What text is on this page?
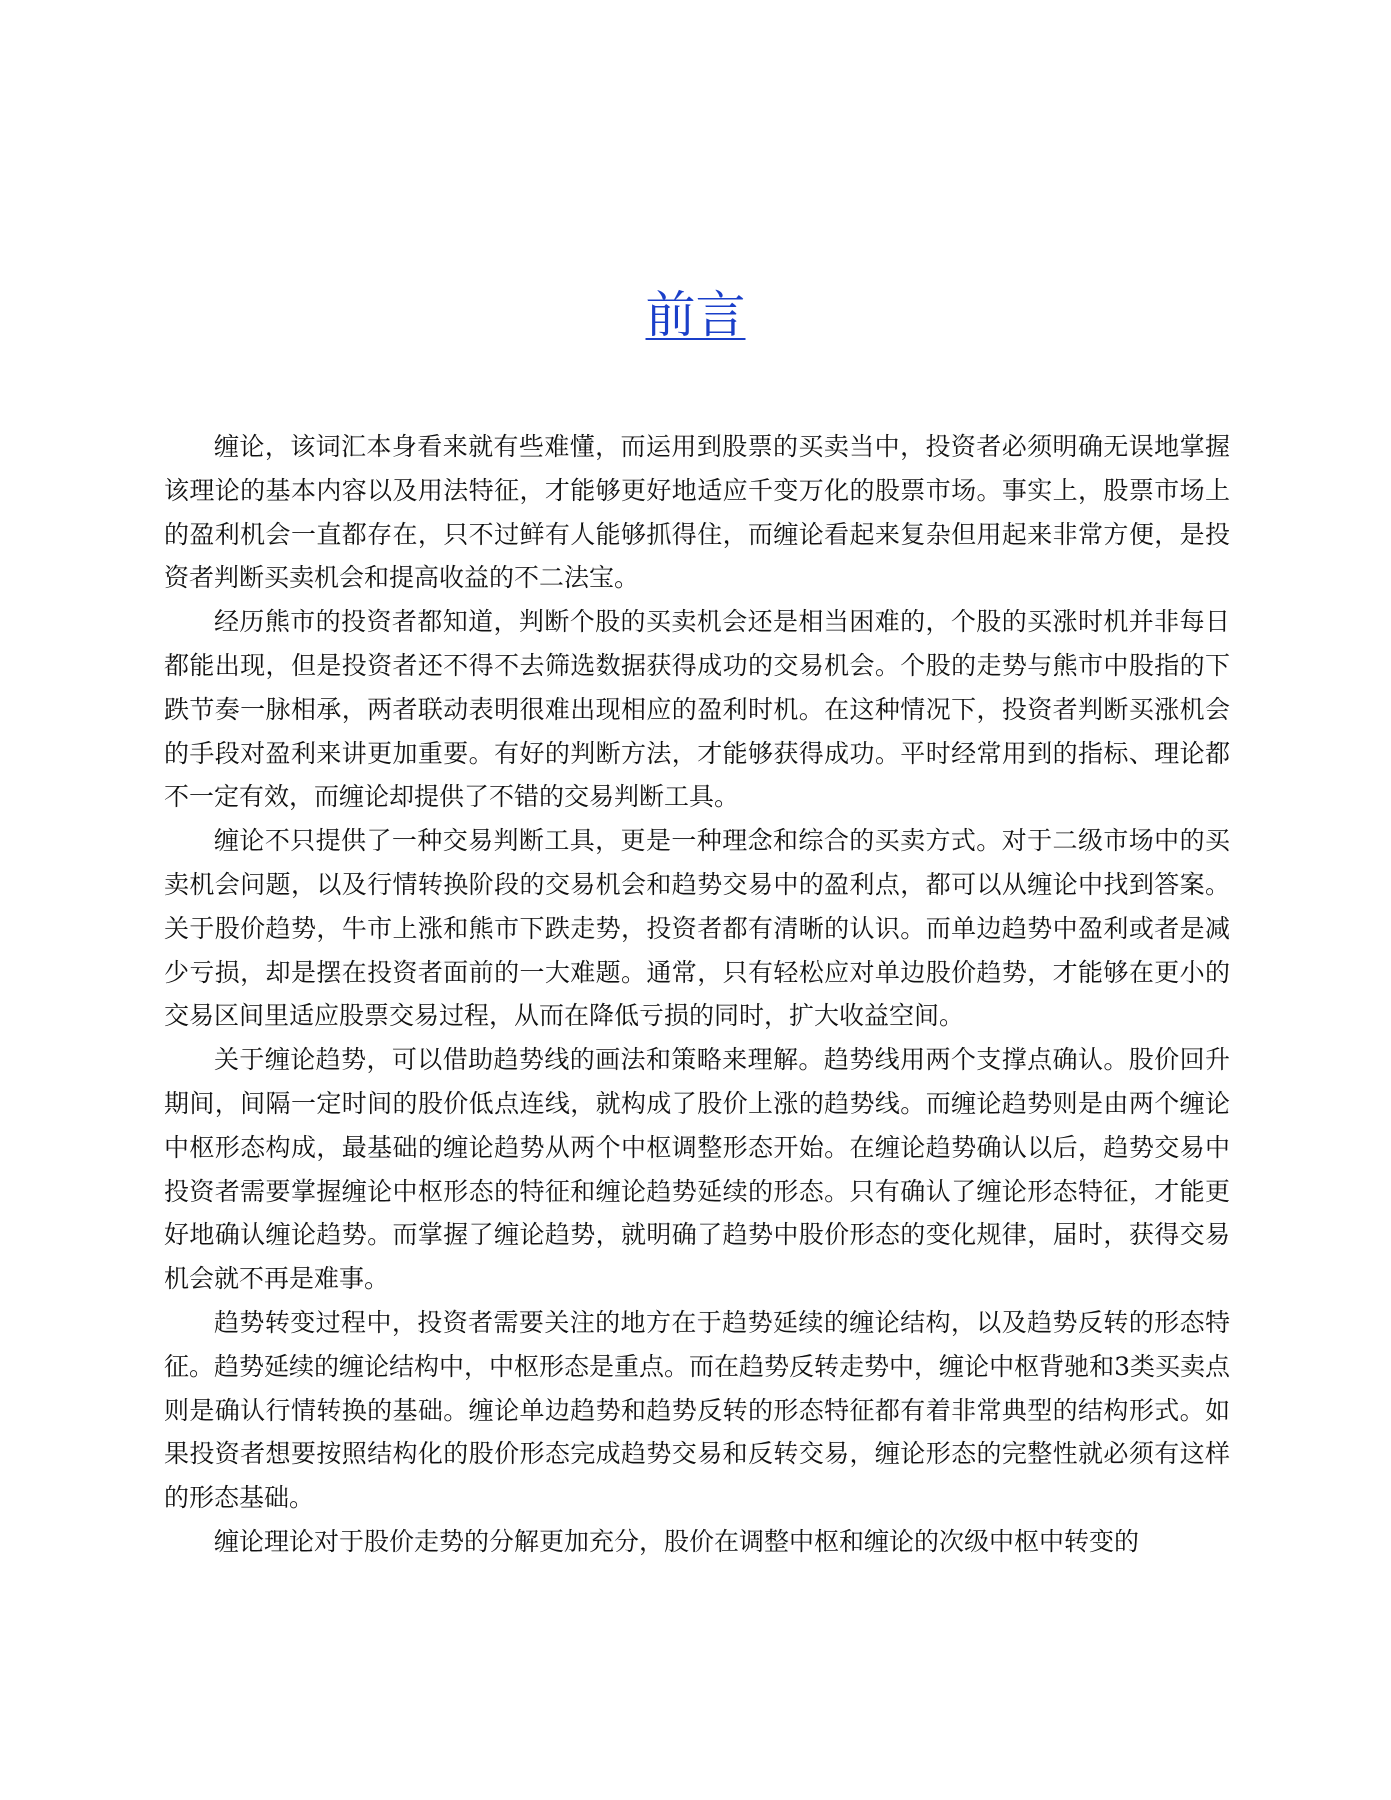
前言

缠论，该词汇本身看来就有些难懂，而运用到股票的买卖当中，投资者必须明确无误地掌握该理论的基本内容以及用法特征，才能够更好地适应千变万化的股票市场。事实上，股票市场上的盈利机会一直都存在，只不过鲜有人能够抓得住，而缠论看起来复杂但用起来非常方便，是投资者判断买卖机会和提高收益的不二法宝。

经历熊市的投资者都知道，判断个股的买卖机会还是相当困难的，个股的买涨时机并非每日都能出现，但是投资者还不得不去筛选数据获得成功的交易机会。个股的走势与熊市中股指的下跌节奏一脉相承，两者联动表明很难出现相应的盈利时机。在这种情况下，投资者判断买涨机会的手段对盈利来讲更加重要。有好的判断方法，才能够获得成功。平时经常用到的指标、理论都不一定有效，而缠论却提供了不错的交易判断工具。

缠论不只提供了一种交易判断工具，更是一种理念和综合的买卖方式。对于二级市场中的买卖机会问题，以及行情转换阶段的交易机会和趋势交易中的盈利点，都可以从缠论中找到答案。关于股价趋势，牛市上涨和熊市下跌走势，投资者都有清晰的认识。而单边趋势中盈利或者是减少亏损，却是摆在投资者面前的一大难题。通常，只有轻松应对单边股价趋势，才能够在更小的交易区间里适应股票交易过程，从而在降低亏损的同时，扩大收益空间。

关于缠论趋势，可以借助趋势线的画法和策略来理解。趋势线用两个支撑点确认。股价回升期间，间隔一定时间的股价低点连线，就构成了股价上涨的趋势线。而缠论趋势则是由两个缠论中枢形态构成，最基础的缠论趋势从两个中枢调整形态开始。在缠论趋势确认以后，趋势交易中投资者需要掌握缠论中枢形态的特征和缠论趋势延续的形态。只有确认了缠论形态特征，才能更好地确认缠论趋势。而掌握了缠论趋势，就明确了趋势中股价形态的变化规律，届时，获得交易机会就不再是难事。

趋势转变过程中，投资者需要关注的地方在于趋势延续的缠论结构，以及趋势反转的形态特征。趋势延续的缠论结构中，中枢形态是重点。而在趋势反转走势中，缠论中枢背驰和3类买卖点则是确认行情转换的基础。缠论单边趋势和趋势反转的形态特征都有着非常典型的结构形式。如果投资者想要按照结构化的股价形态完成趋势交易和反转交易，缠论形态的完整性就必须有这样的形态基础。

缠论理论对于股价走势的分解更加充分，股价在调整中枢和缠论的次级中枢中转变的
